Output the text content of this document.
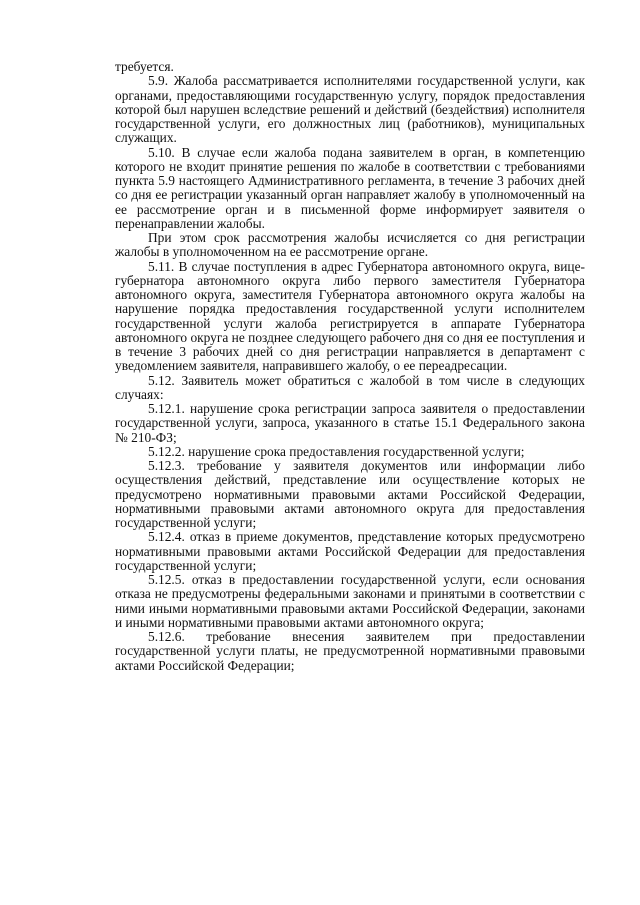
требуется.

5.9. Жалоба рассматривается исполнителями государственной услуги, как органами, предоставляющими государственную услугу, порядок предоставления которой был нарушен вследствие решений и действий (бездействия) исполнителя государственной услуги, его должностных лиц (работников), муниципальных служащих.

5.10. В случае если жалоба подана заявителем в орган, в компетенцию которого не входит принятие решения по жалобе в соответствии с требованиями пункта 5.9 настоящего Административного регламента, в течение 3 рабочих дней со дня ее регистрации указанный орган направляет жалобу в уполномоченный на ее рассмотрение орган и в письменной форме информирует заявителя о перенаправлении жалобы.

При этом срок рассмотрения жалобы исчисляется со дня регистрации жалобы в уполномоченном на ее рассмотрение органе.

5.11. В случае поступления в адрес Губернатора автономного округа, вице-губернатора автономного округа либо первого заместителя Губернатора автономного округа, заместителя Губернатора автономного округа жалобы на нарушение порядка предоставления государственной услуги исполнителем государственной услуги жалоба регистрируется в аппарате Губернатора автономного округа не позднее следующего рабочего дня со дня ее поступления и в течение 3 рабочих дней со дня регистрации направляется в департамент с уведомлением заявителя, направившего жалобу, о ее переадресации.

5.12. Заявитель может обратиться с жалобой в том числе в следующих случаях:

5.12.1. нарушение срока регистрации запроса заявителя о предоставлении государственной услуги, запроса, указанного в статье 15.1 Федерального закона № 210-ФЗ;

5.12.2. нарушение срока предоставления государственной услуги;

5.12.3. требование у заявителя документов или информации либо осуществления действий, представление или осуществление которых не предусмотрено нормативными правовыми актами Российской Федерации, нормативными правовыми актами автономного округа для предоставления государственной услуги;

5.12.4. отказ в приеме документов, представление которых предусмотрено нормативными правовыми актами Российской Федерации для предоставления государственной услуги;

5.12.5. отказ в предоставлении государственной услуги, если основания отказа не предусмотрены федеральными законами и принятыми в соответствии с ними иными нормативными правовыми актами Российской Федерации, законами и иными нормативными правовыми актами автономного округа;

5.12.6. требование внесения заявителем при предоставлении государственной услуги платы, не предусмотренной нормативными правовыми актами Российской Федерации;
